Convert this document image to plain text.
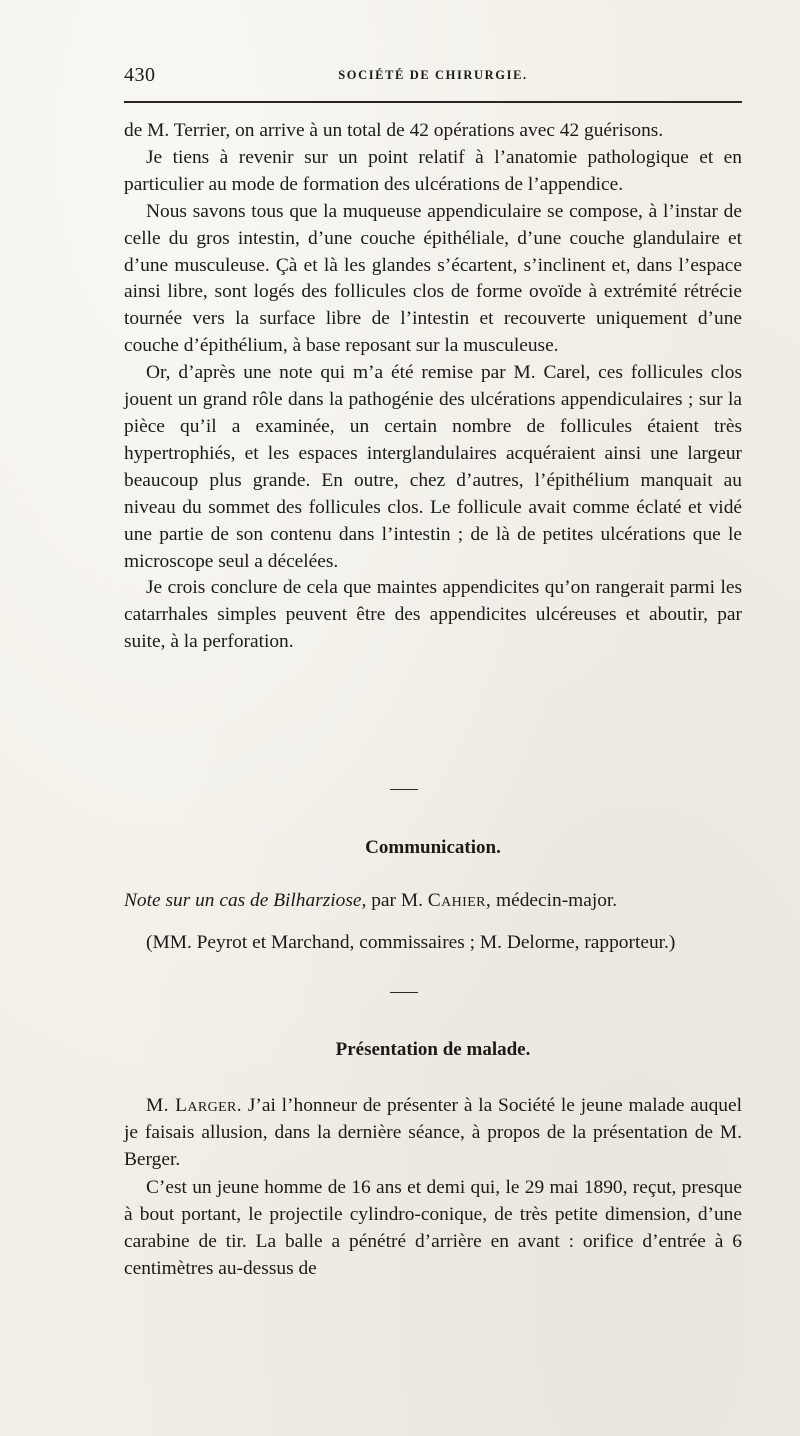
430	SOCIÉTÉ DE CHIRURGIE.

de M. Terrier, on arrive à un total de 42 opérations avec 42 guérisons.

Je tiens à revenir sur un point relatif à l’anatomie pathologique et en particulier au mode de formation des ulcérations de l’appendice.

Nous savons tous que la muqueuse appendiculaire se compose, à l’instar de celle du gros intestin, d’une couche épithéliale, d’une couche glandulaire et d’une musculeuse. Çà et là les glandes s’écartent, s’inclinent et, dans l’espace ainsi libre, sont logés des follicules clos de forme ovoïde à extrémité rétrécie tournée vers la surface libre de l’intestin et recouverte uniquement d’une couche d’épithélium, à base reposant sur la musculeuse.

Or, d’après une note qui m’a été remise par M. Carel, ces follicules clos jouent un grand rôle dans la pathogénie des ulcérations appendiculaires ; sur la pièce qu’il a examinée, un certain nombre de follicules étaient très hypertrophiés, et les espaces interglandulaires acquéraient ainsi une largeur beaucoup plus grande. En outre, chez d’autres, l’épithélium manquait au niveau du sommet des follicules clos. Le follicule avait comme éclaté et vidé une partie de son contenu dans l’intestin ; de là de petites ulcérations que le microscope seul a décelées.

Je crois conclure de cela que maintes appendicites qu’on rangerait parmi les catarrhales simples peuvent être des appendicites ulcéreuses et aboutir, par suite, à la perforation.

Communication.
Note sur un cas de Bilharziose, par M. Cahier, médecin-major.

(MM. Peyrot et Marchand, commissaires ; M. Delorme, rapporteur.)

Présentation de malade.

M. Larger. J’ai l’honneur de présenter à la Société le jeune malade auquel je faisais allusion, dans la dernière séance, à propos de la présentation de M. Berger.

C’est un jeune homme de 16 ans et demi qui, le 29 mai 1890, reçut, presque à bout portant, le projectile cylindro-conique, de très petite dimension, d’une carabine de tir. La balle a pénétré d’arrière en avant : orifice d’entrée à 6 centimètres au-dessus de
